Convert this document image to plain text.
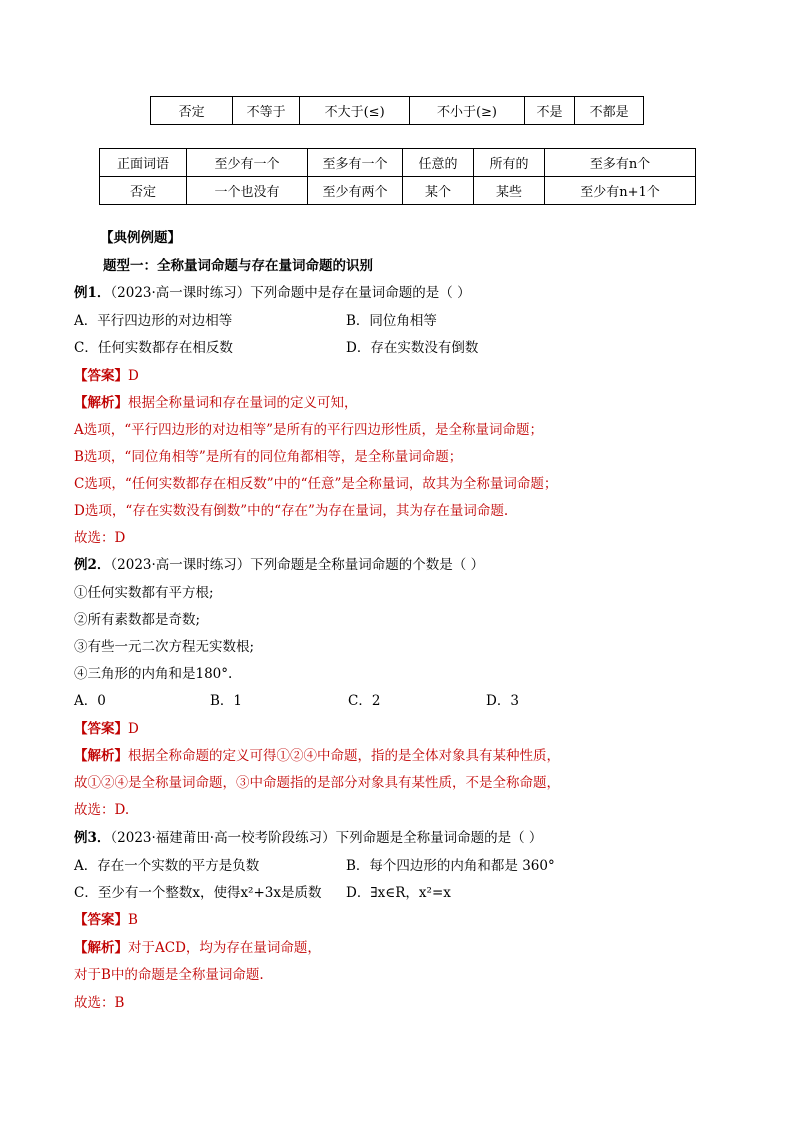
否定	不等于	不大于(≤)	不小于(≥)	不是	不都是
正面词语	至少有一个	至多有一个	任意的	所有的	至多有n个
否定	一个也没有	至少有两个	某个	某些	至少有n+1个
【典例例题】
题型一：全称量词命题与存在量词命题的识别
例1．（2023·高一课时练习）下列命题中是存在量词命题的是（ ）
A．平行四边形的对边相等	B．同位角相等
C．任何实数都存在相反数	D．存在实数没有倒数
【答案】D
【解析】根据全称量词和存在量词的定义可知，
A选项，“平行四边形的对边相等”是所有的平行四边形性质，是全称量词命题；
B选项，“同位角相等”是所有的同位角都相等，是全称量词命题；
C选项，“任何实数都存在相反数”中的“任意”是全称量词，故其为全称量词命题；
D选项，“存在实数没有倒数”中的“存在”为存在量词，其为存在量词命题.
故选：D
例2．（2023·高一课时练习）下列命题是全称量词命题的个数是（ ）
①任何实数都有平方根;
②所有素数都是奇数;
③有些一元二次方程无实数根;
④三角形的内角和是180°.
A．0	B．1	C．2	D．3
【答案】D
【解析】根据全称命题的定义可得①②④中命题，指的是全体对象具有某种性质，
故①②④是全称量词命题，③中命题指的是部分对象具有某性质，不是全称命题，
故选：D.
例3．（2023·福建莆田·高一校考阶段练习）下列命题是全称量词命题的是（ ）
A．存在一个实数的平方是负数	B．每个四边形的内角和都是 360°
C．至少有一个整数x，使得x²+3x是质数 D．∃x∈R，x²=x
【答案】B
【解析】对于ACD，均为存在量词命题，
对于B中的命题是全称量词命题.
故选：B
